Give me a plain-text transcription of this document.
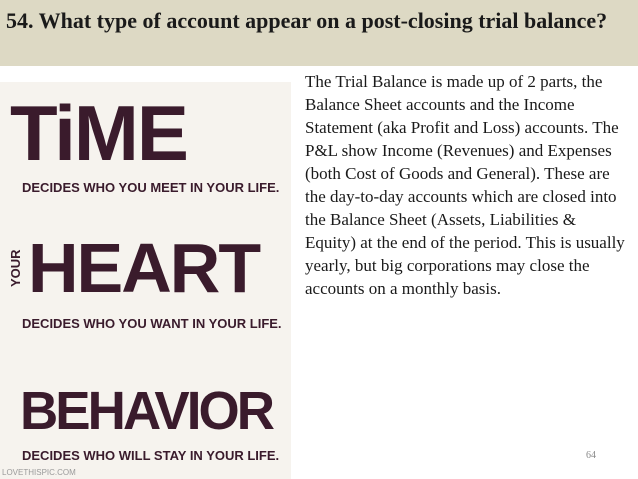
54. What type of account appear on a post-closing trial balance?
TiME
DECIDES WHO YOU MEET IN YOUR LIFE.
YOUR HEART
DECIDES WHO YOU WANT IN YOUR LIFE.
BEHAVIOR
DECIDES WHO WILL STAY IN YOUR LIFE.
LOVETHISPIC.COM
The Trial Balance is made up of 2 parts, the Balance Sheet accounts and the Income Statement (aka Profit and Loss) accounts. The P&L show Income (Revenues) and Expenses (both Cost of Goods and General). These are the day-to-day accounts which are closed into the Balance Sheet (Assets, Liabilities & Equity) at the end of the period. This is usually yearly, but big corporations may close the accounts on a monthly basis.
64
